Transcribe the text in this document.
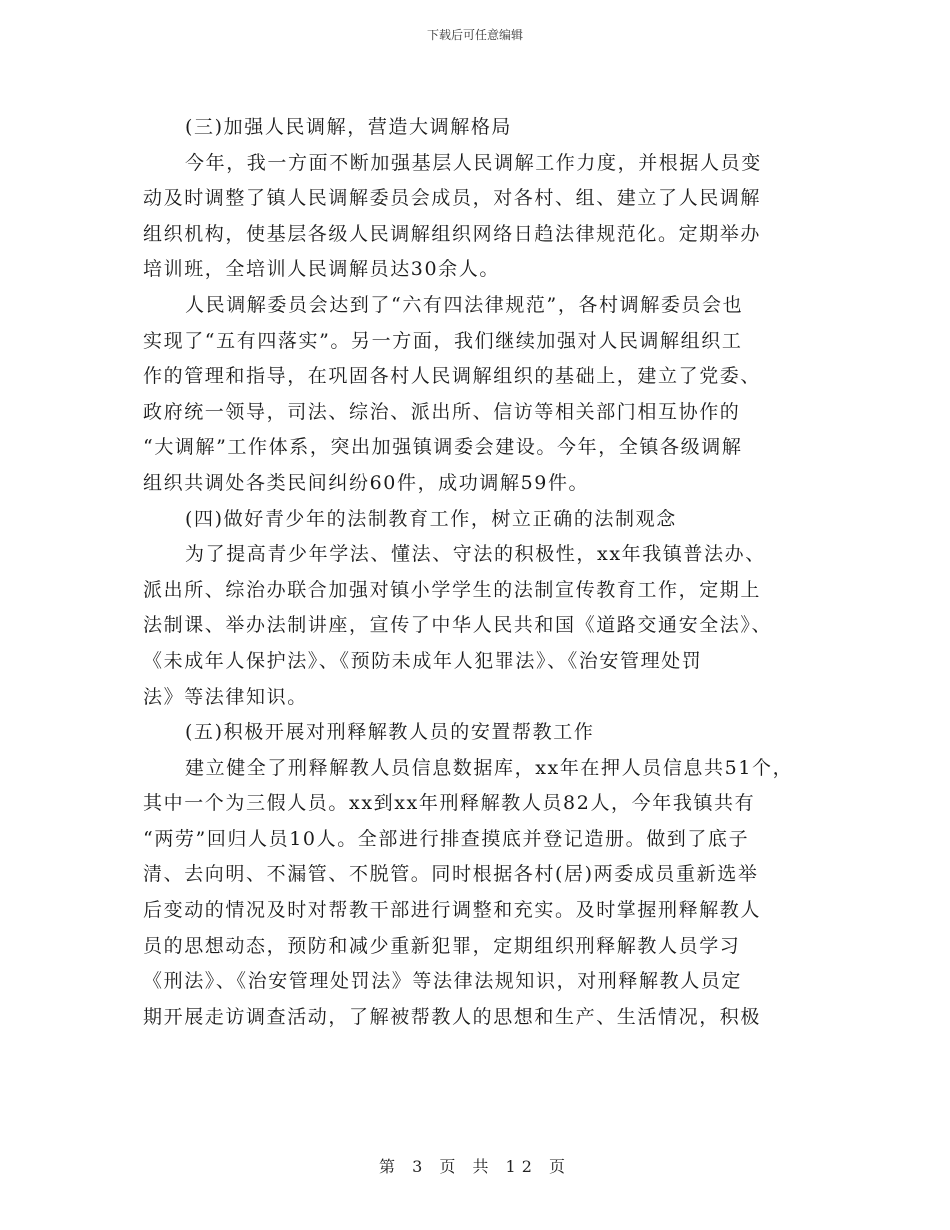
下载后可任意编辑
(三)加强人民调解，营造大调解格局
今年，我一方面不断加强基层人民调解工作力度，并根据人员变
动及时调整了镇人民调解委员会成员，对各村、组、建立了人民调解
组织机构，使基层各级人民调解组织网络日趋法律规范化。定期举办
培训班，全培训人民调解员达30余人。
人民调解委员会达到了“六有四法律规范”，各村调解委员会也
实现了“五有四落实”。另一方面，我们继续加强对人民调解组织工
作的管理和指导，在巩固各村人民调解组织的基础上，建立了党委、
政府统一领导，司法、综治、派出所、信访等相关部门相互协作的
“大调解”工作体系，突出加强镇调委会建设。今年，全镇各级调解
组织共调处各类民间纠纷60件，成功调解59件。
(四)做好青少年的法制教育工作，树立正确的法制观念
为了提高青少年学法、懂法、守法的积极性，xx年我镇普法办、
派出所、综治办联合加强对镇小学学生的法制宣传教育工作，定期上
法制课、举办法制讲座，宣传了中华人民共和国《道路交通安全法》、
《未成年人保护法》、《预防未成年人犯罪法》、《治安管理处罚
法》等法律知识。
(五)积极开展对刑释解教人员的安置帮教工作
建立健全了刑释解教人员信息数据库，xx年在押人员信息共51个，
其中一个为三假人员。xx到xx年刑释解教人员82人，今年我镇共有
“两劳”回归人员10人。全部进行排查摸底并登记造册。做到了底子
清、去向明、不漏管、不脱管。同时根据各村(居)两委成员重新选举
后变动的情况及时对帮教干部进行调整和充实。及时掌握刑释解教人
员的思想动态，预防和减少重新犯罪，定期组织刑释解教人员学习
《刑法》、《治安管理处罚法》等法律法规知识，对刑释解教人员定
期开展走访调查活动，了解被帮教人的思想和生产、生活情况，积极
第 3 页 共 12 页
